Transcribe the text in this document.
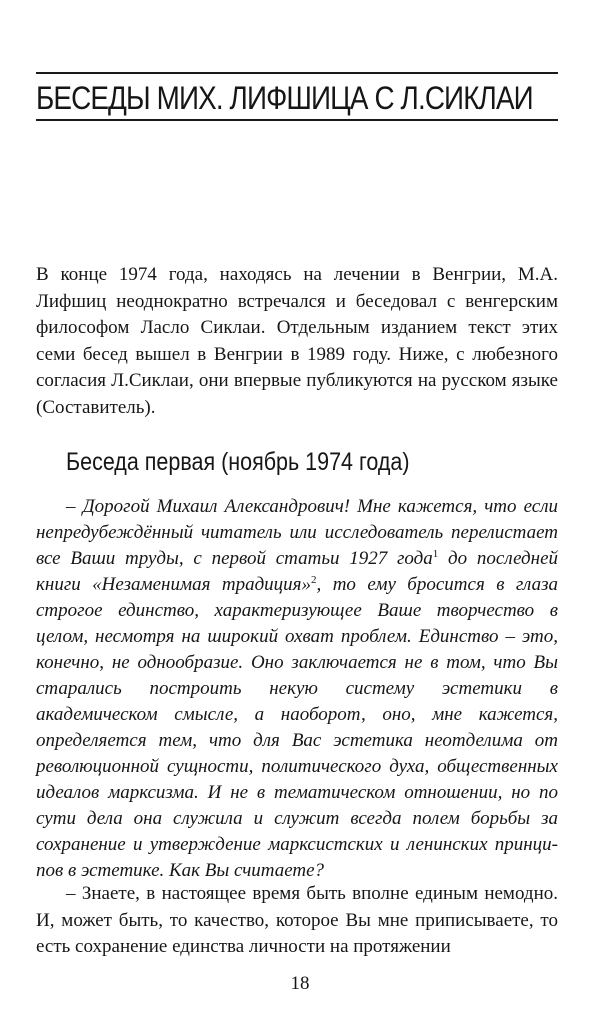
БЕСЕДЫ МИХ. ЛИФШИЦА С Л.СИКЛАИ

В конце 1974 года, находясь на лечении в Венгрии, М.А. Лифшиц неоднократно встречался и беседовал с венгерским философом Ласло Сиклаи. Отдельным изданием текст этих семи бесед вышел в Венгрии в 1989 году. Ниже, с любезного согласия Л.Сиклаи, они впервые публикуются на русском языке (Составитель).

Беседа первая (ноябрь 1974 года)

– Дорогой Михаил Александрович! Мне кажется, что если непредубеждённый читатель или исследователь перелистает все Ваши труды, с первой статьи 1927 года$^1$ до последней книги «Незаменимая традиция»$^2$, то ему бросится в глаза строгое единство, характеризующее Ваше творчество в целом, несмотря на широкий охват проблем. Единство – это, конечно, не однообразие. Оно заключается не в том, что Вы старались построить некую систему эстетики в академическом смысле, а наоборот, оно, мне кажется, определяется тем, что для Вас эстетика неотделима от революционной сущности, политического духа, общественных идеалов марксизма. И не в тематическом отношении, но по сути дела она служила и служит всегда полем борьбы за сохранение и утверждение марксистских и ленинских принципов в эстетике. Как Вы считаете?

– Знаете, в настоящее время быть вполне единым немодно. И, может быть, то качество, которое Вы мне приписываете, то есть сохранение единства личности на протяжении

18
